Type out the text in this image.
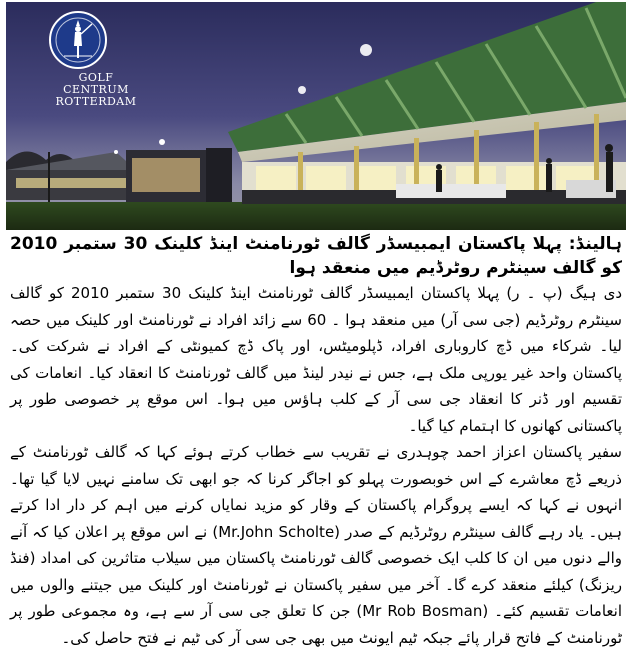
GOLF
CENTRUM
ROTTERDAM
ہالینڈ: پہلا پاکستان ایمبیسڈر گالف ٹورنامنٹ اینڈ کلینک 30 ستمبر 2010 کو گالف سینٹرم روٹرڈیم میں منعقد ہوا
دی ہیگ (پ ۔ ر) پہلا پاکستان ایمبیسڈر گالف ٹورنامنٹ اینڈ کلینک 30 ستمبر 2010 کو گالف سینٹرم روٹرڈیم (جی سی آر) میں منعقد ہوا ۔ 60 سے زائد افراد نے ٹورنامنٹ اور کلینک میں حصہ لیا۔ شرکاء میں ڈچ کاروباری افراد، ڈپلومیٹس، اور پاک ڈچ کمیونٹی کے افراد نے شرکت کی۔ پاکستان واحد غیر یورپی ملک ہے، جس نے نیدر لینڈ میں گالف ٹورنامنٹ کا انعقاد کیا۔ انعامات کی تقسیم اور ڈنر کا انعقاد جی سی آر کے کلب ہاؤس میں ہوا۔ اس موقع پر خصوصی طور پر پاکستانی کھانوں کا اہتمام کیا گیا۔
سفیر پاکستان اعزاز احمد چوہدری نے تقریب سے خطاب کرتے ہوئے کہا کہ گالف ٹورنامنٹ کے ذریعے ڈچ معاشرے کے اس خوبصورت پہلو کو اجاگر کرنا کہ جو ابھی تک سامنے نہیں لایا گیا تھا۔ انہوں نے کہا کہ ایسے پروگرام پاکستان کے وقار کو مزید نمایاں کرنے میں اہم کر دار ادا کرتے ہیں۔ یاد رہے گالف سینٹرم روٹرڈیم کے صدر (Mr.John Scholte) نے اس موقع پر اعلان کیا کہ آنے والے دنوں میں ان کا کلب ایک خصوصی گالف ٹورنامنٹ پاکستان میں سیلاب متاثرین کی امداد (فنڈ ریزنگ) کیلئے منعقد کرے گا۔ آخر میں سفیر پاکستان نے ٹورنامنٹ اور کلینک میں جیتنے والوں میں انعامات تقسیم کئے۔ (Mr Rob Bosman) جن کا تعلق جی سی آر سے ہے، وہ مجموعی طور پر ٹورنامنٹ کے فاتح قرار پائے جبکہ ٹیم ایونٹ میں بھی جی سی آر کی ٹیم نے فتح حاصل کی۔
